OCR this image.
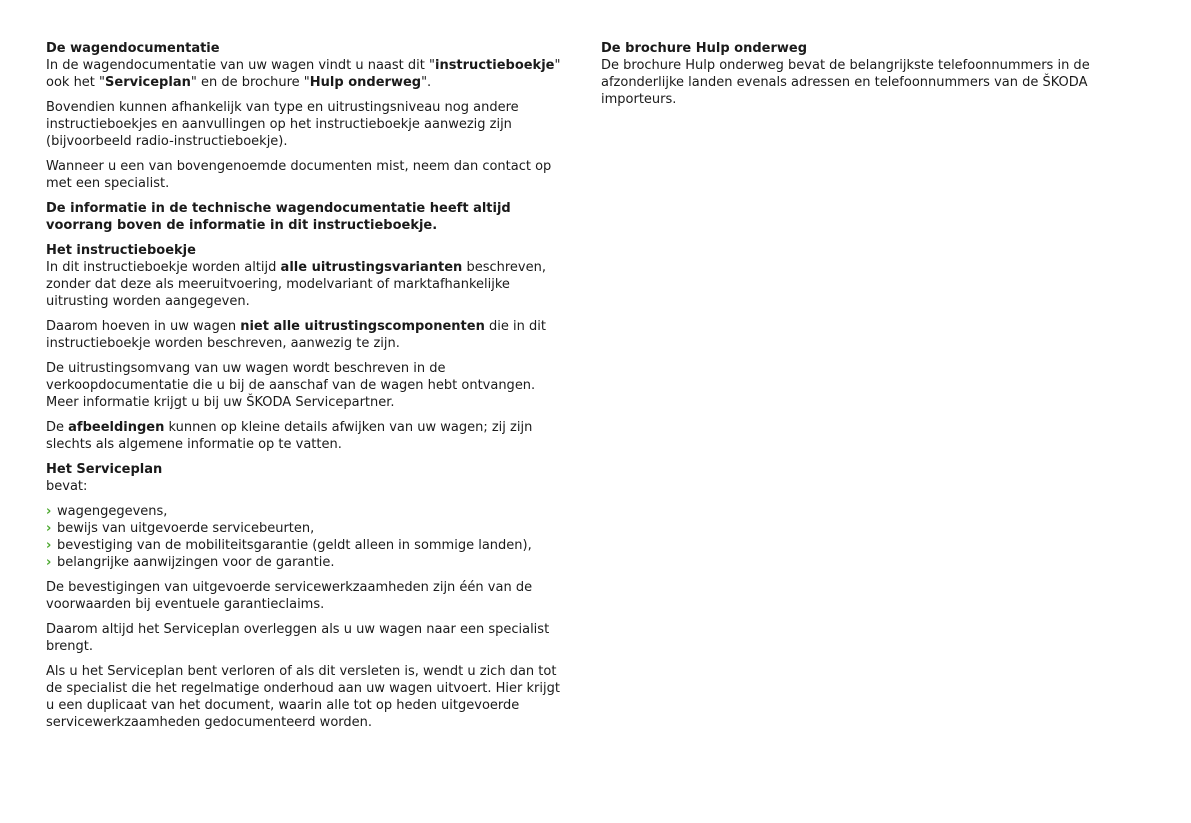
De wagendocumentatie

In de wagendocumentatie van uw wagen vindt u naast dit "instructieboekje" ook het "Serviceplan" en de brochure "Hulp onderweg".

Bovendien kunnen afhankelijk van type en uitrustingsniveau nog andere instructieboekjes en aanvullingen op het instructieboekje aanwezig zijn (bijvoorbeeld radio-instructieboekje).

Wanneer u een van bovengenoemde documenten mist, neem dan contact op met een specialist.

De informatie in de technische wagendocumentatie heeft altijd voorrang boven de informatie in dit instructieboekje.

Het instructieboekje

In dit instructieboekje worden altijd alle uitrustingsvarianten beschreven, zonder dat deze als meeruitvoering, modelvariant of marktafhankelijke uitrusting worden aangegeven.

Daarom hoeven in uw wagen niet alle uitrustingscomponenten die in dit instructieboekje worden beschreven, aanwezig te zijn.

De uitrustingsomvang van uw wagen wordt beschreven in de verkoopdocumentatie die u bij de aanschaf van de wagen hebt ontvangen. Meer informatie krijgt u bij uw ŠKODA Servicepartner.

De afbeeldingen kunnen op kleine details afwijken van uw wagen; zij zijn slechts als algemene informatie op te vatten.

Het Serviceplan

bevat:

› wagengegevens,
› bewijs van uitgevoerde servicebeurten,
› bevestiging van de mobiliteitsgarantie (geldt alleen in sommige landen),
› belangrijke aanwijzingen voor de garantie.

De bevestigingen van uitgevoerde servicewerkzaamheden zijn één van de voorwaarden bij eventuele garantieclaims.

Daarom altijd het Serviceplan overleggen als u uw wagen naar een specialist brengt.

Als u het Serviceplan bent verloren of als dit versleten is, wendt u zich dan tot de specialist die het regelmatige onderhoud aan uw wagen uitvoert. Hier krijgt u een duplicaat van het document, waarin alle tot op heden uitgevoerde servicewerkzaamheden gedocumenteerd worden.

De brochure Hulp onderweg

De brochure Hulp onderweg bevat de belangrijkste telefoonnummers in de afzonderlijke landen evenals adressen en telefoonnummers van de ŠKODA importeurs.
